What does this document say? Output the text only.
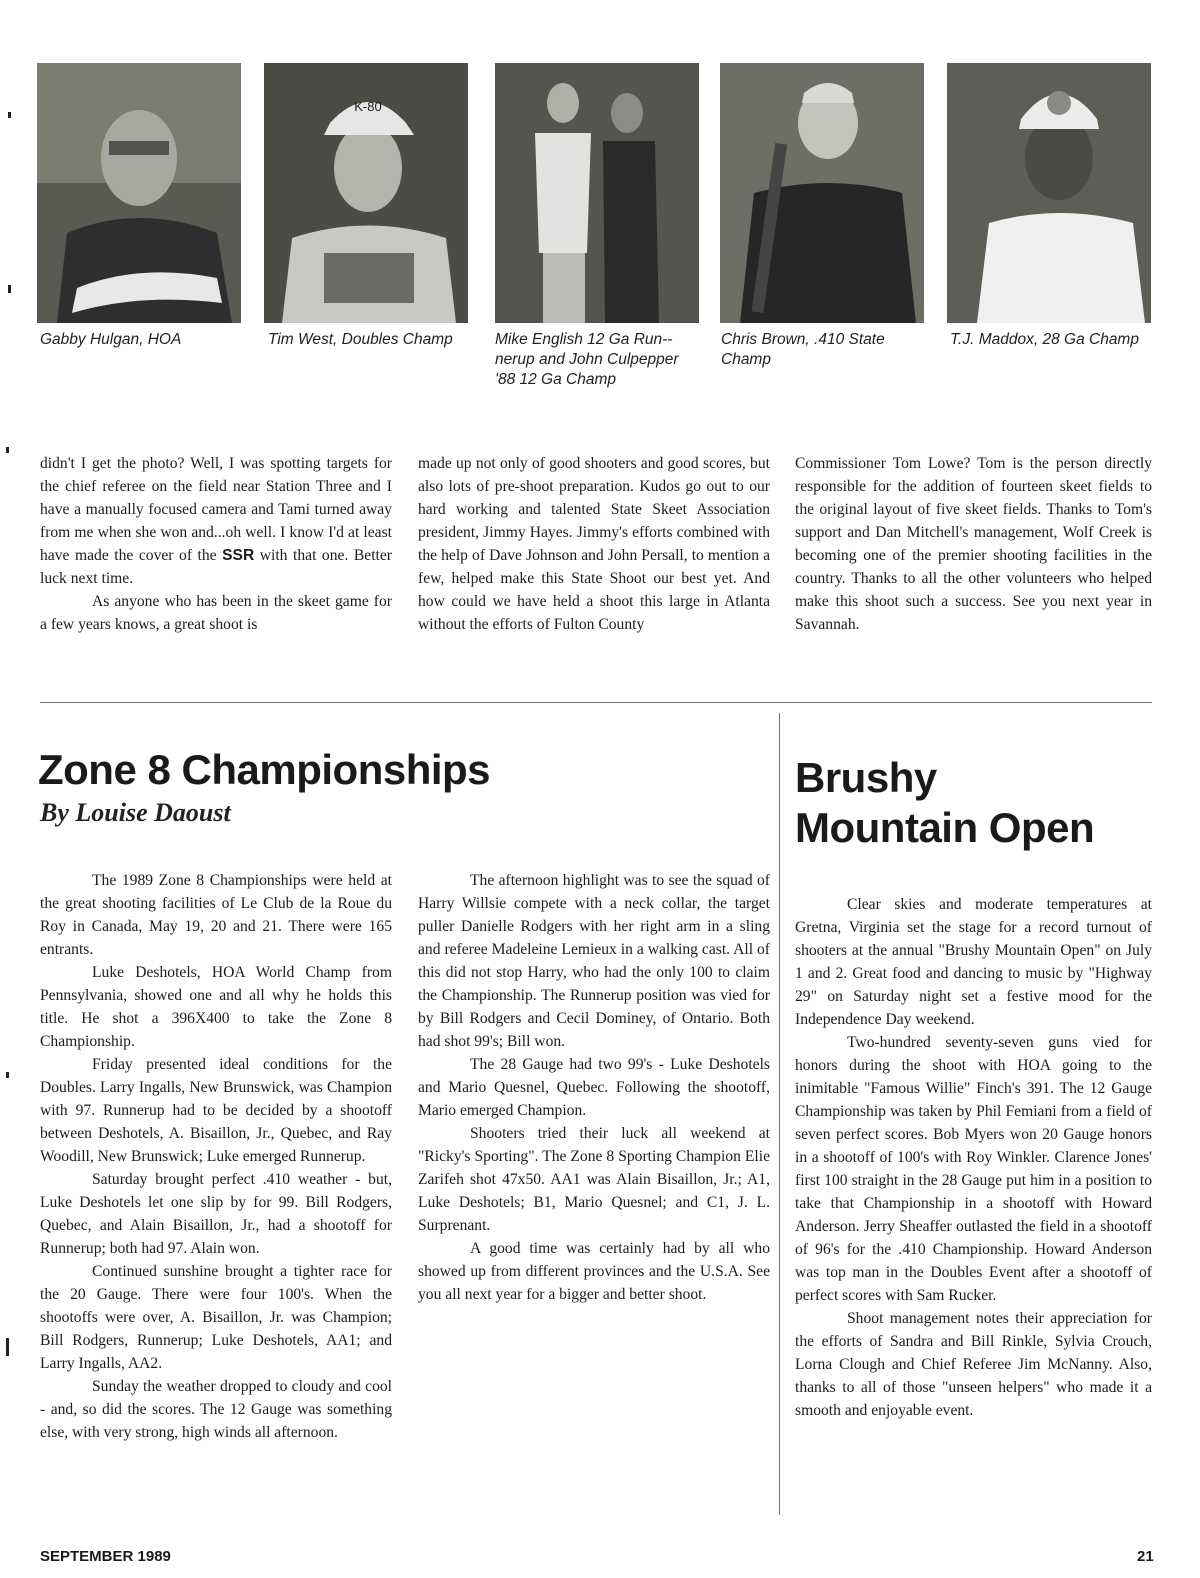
K-80
Gabby Hulgan, HOA	Tim West, Doubles Champ	Mike English 12 Ga Run--
nerup and John Culpepper
'88 12 Ga Champ
Chris Brown, .410 State
Champ
T.J. Maddox, 28 Ga Champ

didn't I get the photo? Well, I was spotting targets for the chief referee on the field near Station Three and I have a manually focused camera and Tami turned away from me when she won and...oh well. I know I'd at least have made the cover of the SSR with that one. Better luck next time.

As anyone who has been in the skeet game for a few years knows, a great shoot is

made up not only of good shooters and good scores, but also lots of pre-shoot preparation. Kudos go out to our hard working and talented State Skeet Association president, Jimmy Hayes. Jimmy's efforts combined with the help of Dave Johnson and John Persall, to mention a few, helped make this State Shoot our best yet. And how could we have held a shoot this large in Atlanta without the efforts of Fulton County

Commissioner Tom Lowe? Tom is the person directly responsible for the addition of fourteen skeet fields to the original layout of five skeet fields. Thanks to Tom's support and Dan Mitchell's management, Wolf Creek is becoming one of the premier shooting facilities in the country. Thanks to all the other volunteers who helped make this shoot such a success. See you next year in Savannah.

Zone 8 Championships
By Louise Daoust

The 1989 Zone 8 Championships were held at the great shooting facilities of Le Club de la Roue du Roy in Canada, May 19, 20 and 21. There were 165 entrants.

Luke Deshotels, HOA World Champ from Pennsylvania, showed one and all why he holds this title. He shot a 396X400 to take the Zone 8 Championship.

Friday presented ideal conditions for the Doubles. Larry Ingalls, New Brunswick, was Champion with 97. Runnerup had to be decided by a shootoff between Deshotels, A. Bisaillon, Jr., Quebec, and Ray Woodill, New Brunswick; Luke emerged Runnerup.

Saturday brought perfect .410 weather - but, Luke Deshotels let one slip by for 99. Bill Rodgers, Quebec, and Alain Bisaillon, Jr., had a shootoff for Runnerup; both had 97. Alain won.

Continued sunshine brought a tighter race for the 20 Gauge. There were four 100's. When the shootoffs were over, A. Bisaillon, Jr. was Champion; Bill Rodgers, Runnerup; Luke Deshotels, AA1; and Larry Ingalls, AA2.

Sunday the weather dropped to cloudy and cool - and, so did the scores. The 12 Gauge was something else, with very strong, high winds all afternoon.

The afternoon highlight was to see the squad of Harry Willsie compete with a neck collar, the target puller Danielle Rodgers with her right arm in a sling and referee Madeleine Lemieux in a walking cast. All of this did not stop Harry, who had the only 100 to claim the Championship. The Runnerup position was vied for by Bill Rodgers and Cecil Dominey, of Ontario. Both had shot 99's; Bill won.

The 28 Gauge had two 99's - Luke Deshotels and Mario Quesnel, Quebec. Following the shootoff, Mario emerged Champion.

Shooters tried their luck all weekend at "Ricky's Sporting". The Zone 8 Sporting Champion Elie Zarifeh shot 47x50. AA1 was Alain Bisaillon, Jr.; A1, Luke Deshotels; B1, Mario Quesnel; and C1, J. L. Surprenant.

A good time was certainly had by all who showed up from different provinces and the U.S.A. See you all next year for a bigger and better shoot.

Brushy
Mountain Open

Clear skies and moderate temperatures at Gretna, Virginia set the stage for a record turnout of shooters at the annual "Brushy Mountain Open" on July 1 and 2. Great food and dancing to music by "Highway 29" on Saturday night set a festive mood for the Independence Day weekend.

Two-hundred seventy-seven guns vied for honors during the shoot with HOA going to the inimitable "Famous Willie" Finch's 391. The 12 Gauge Championship was taken by Phil Femiani from a field of seven perfect scores. Bob Myers won 20 Gauge honors in a shootoff of 100's with Roy Winkler. Clarence Jones' first 100 straight in the 28 Gauge put him in a position to take that Championship in a shootoff with Howard Anderson. Jerry Sheaffer outlasted the field in a shootoff of 96's for the .410 Championship. Howard Anderson was top man in the Doubles Event after a shootoff of perfect scores with Sam Rucker.

Shoot management notes their appreciation for the efforts of Sandra and Bill Rinkle, Sylvia Crouch, Lorna Clough and Chief Referee Jim McNanny. Also, thanks to all of those "unseen helpers" who made it a smooth and enjoyable event.

SEPTEMBER 1989	21
